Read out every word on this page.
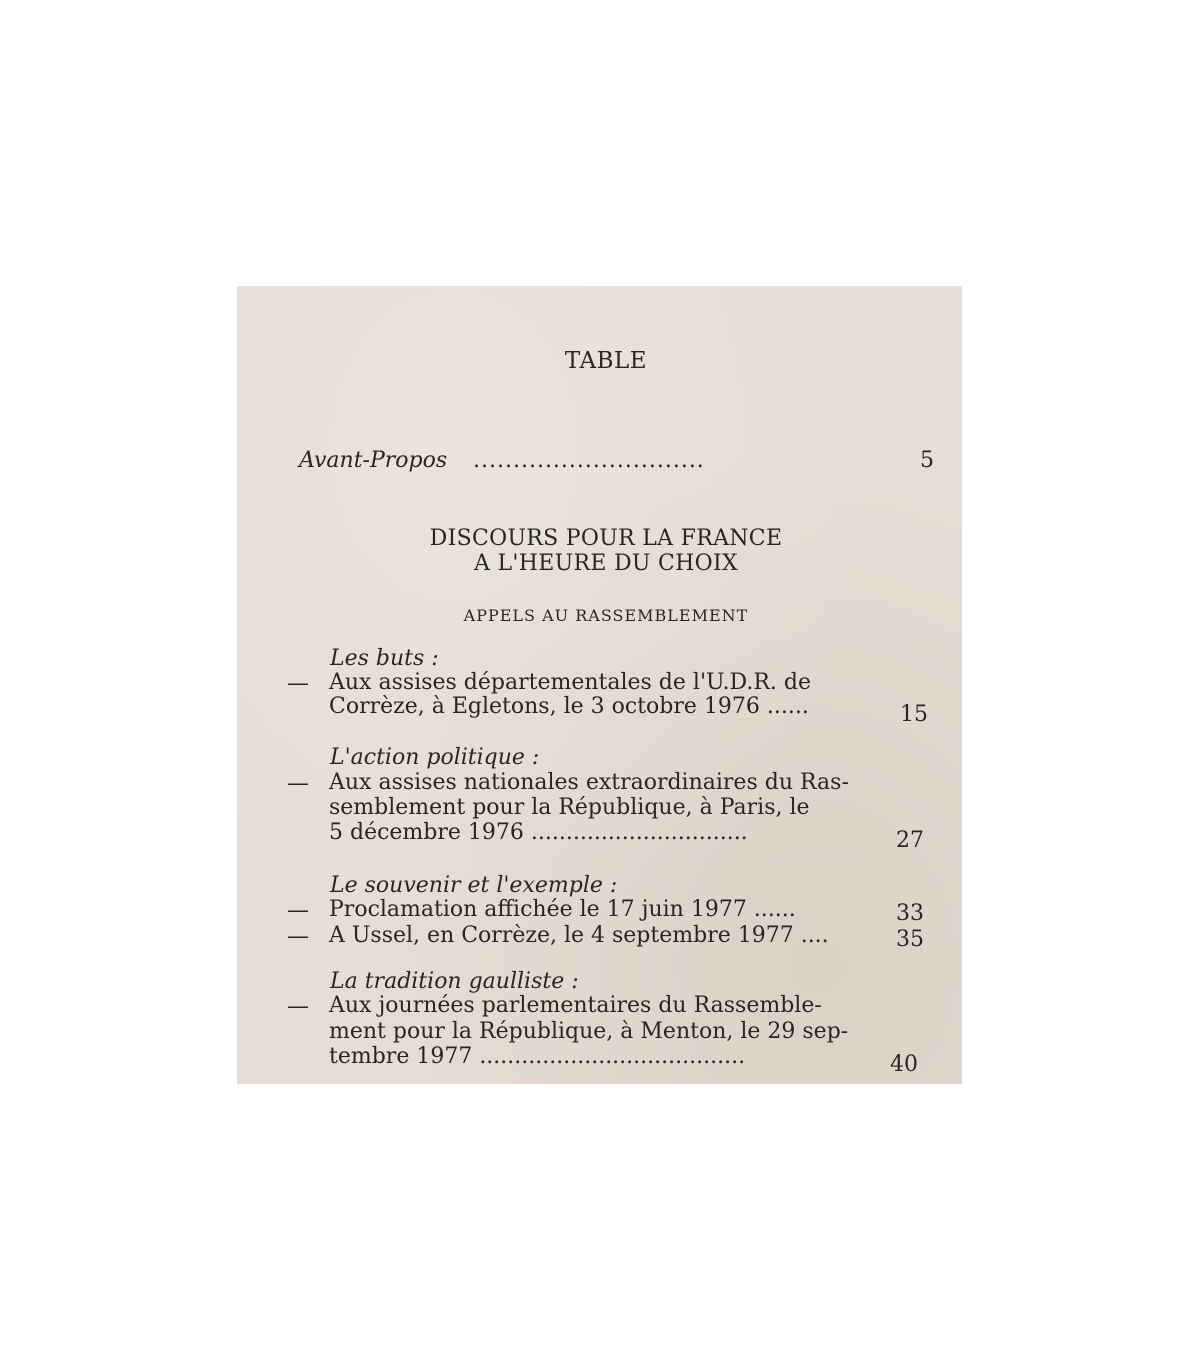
TABLE
Avant-Propos .............................	5
DISCOURS POUR LA FRANCE
A L'HEURE DU CHOIX
APPELS AU RASSEMBLEMENT
Les buts :
— Aux assises départementales de l'U.D.R. de
Corrèze, à Egletons, le 3 octobre 1976 ......	15
L'action politique :
— Aux assises nationales extraordinaires du Ras-
semblement pour la République, à Paris, le
5 décembre 1976 ...............................	27
Le souvenir et l'exemple :
— Proclamation affichée le 17 juin 1977 ......	33
— A Ussel, en Corrèze, le 4 septembre 1977 ....	35
La tradition gaulliste :
— Aux journées parlementaires du Rassemble-
ment pour la République, à Menton, le 29 sep-
tembre 1977 ......................................	40
